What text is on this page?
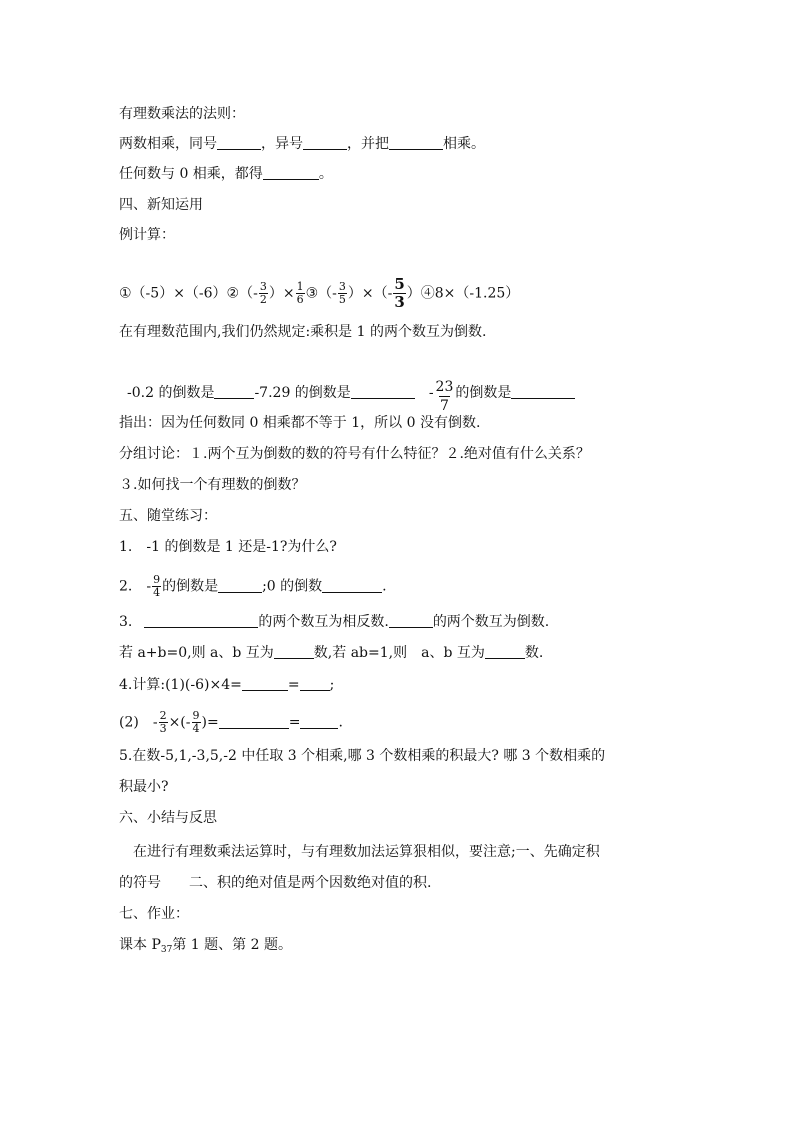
有理数乘法的法则：
两数相乘，同号	，异号	，并把	相乘。
任何数与 0 相乘，都得	。
四、新知运用
例计算：
①（-5）×（-6）②（- $\frac{3}{2}$ ）× $\frac{1}{6}$ ③（- $\frac{3}{5}$ ）×（- $\frac{5}{3}$ ）④8×（-1.25）
在有理数范围内,我们仍然规定:乘积是 1 的两个数互为倒数.
-0.2 的倒数是	-7.29 的倒数是	- $\frac{23}{7}$ 的倒数是
指出：因为任何数同 0 相乘都不等于 1，所以 0 没有倒数.
分组讨论：１.两个互为倒数的数的符号有什么特征？２.绝对值有什么关系？
３.如何找一个有理数的倒数？
五、随堂练习：
1.　-1 的倒数是 1 还是-1?为什么?
2.　- $\frac{9}{4}$ 的倒数是	;0 的倒数	.
3.	的两个数互为相反数.	的两个数互为倒数.
若 a+b=0,则 a、b 互为	数,若 ab=1,则　a、b 互为	数.
4.计算:(1)(-6)×4=	= ;
(2)　- $\frac{2}{3}$ ×(- $\frac{9}{4}$ )=	=	.
5.在数-5,1,-3,5,-2 中任取 3 个相乘,哪 3 个数相乘的积最大? 哪 3 个数相乘的
积最小?
六、小结与反思
　在进行有理数乘法运算时，与有理数加法运算狠相似，要注意;一、先确定积
的符号　　二、积的绝对值是两个因数绝对值的积.
七、作业：
课本 $P_{37}$第 1 题、第 2 题。
